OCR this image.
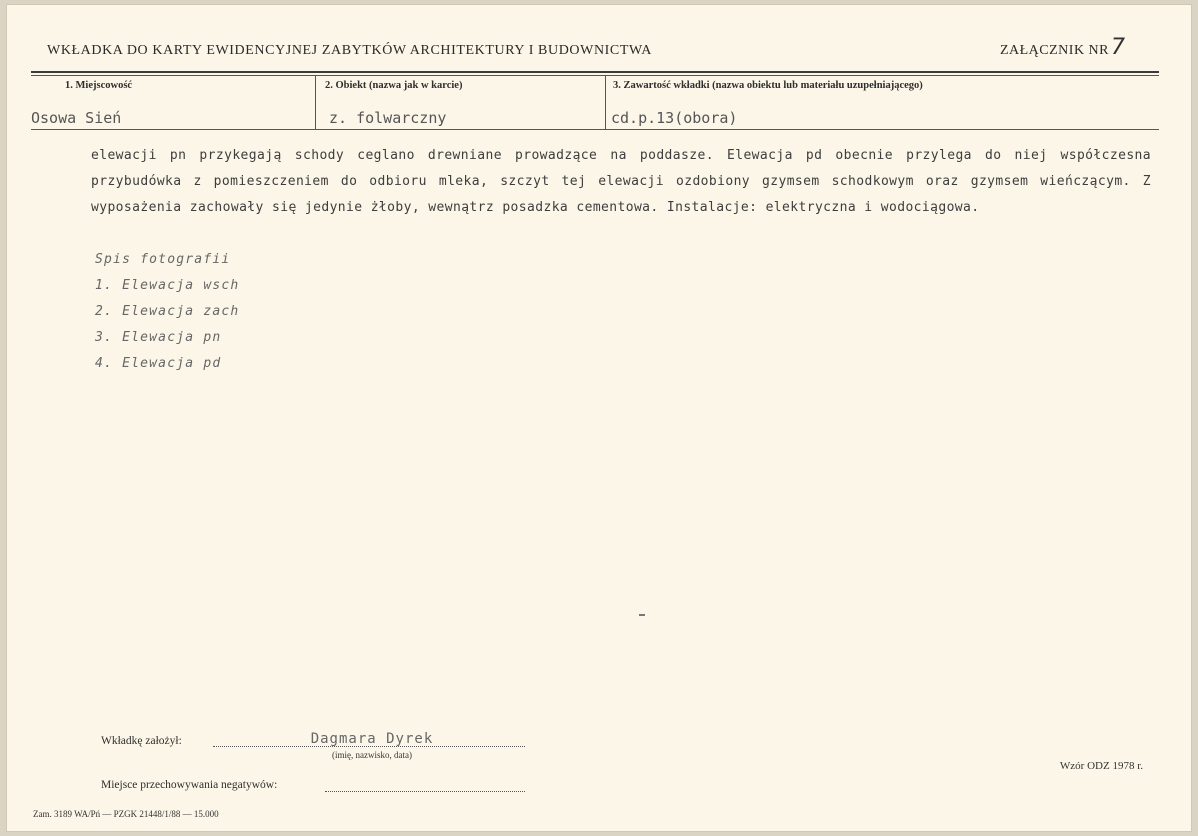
WKŁADKA DO KARTY EWIDENCYJNEJ ZABYTKÓW ARCHITEKTURY I BUDOWNICTWA	ZAŁĄCZNIK NR 7
1. Miejscowość	2. Obiekt (nazwa jak w karcie)	3. Zawartość wkładki (nazwa obiektu lub materiału uzupełniającego)
Osowa Sień	z. folwarczny	cd.p.13(obora)
elewacji pn przykegają schody ceglano drewniane prowadzące na poddasze. Elewacja pd obecnie przylega do niej współczesna przybudówka z pomieszczeniem do odbioru mleka, szczyt tej elewacji ozdobiony gzymsem schodkowym oraz gzymsem wieńczącym. Z wyposażenia zachowały się jedynie żłoby, wewnątrz posadzka cementowa. Instalacje: elektryczna i wodociągowa.
Spis fotografii
1. Elewacja wsch
2. Elewacja zach
3. Elewacja pn
4. Elewacja pd
Wkładkę założył:	Dagmara Dyrek
(imię, nazwisko, data)
Wzór ODZ 1978 r.
Miejsce przechowywania negatywów:
Zam. 3189 WA/Pń — PZGK 21448/1/88 — 15.000
